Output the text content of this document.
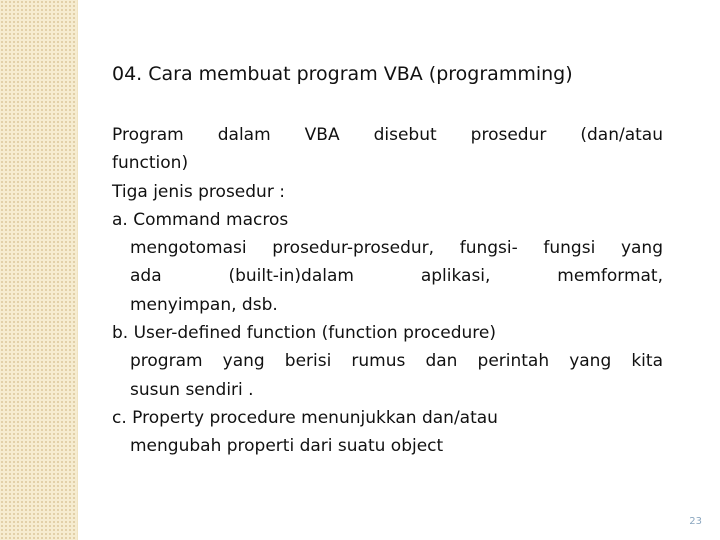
04. Cara membuat program VBA (programming)
Program dalam VBA disebut prosedur (dan/atau
function)
Tiga jenis prosedur :
a. Command macros
mengotomasi prosedur-prosedur, fungsi- fungsi yang
ada (built-in)dalam aplikasi, memformat,
menyimpan, dsb.
b. User-defined function (function procedure)
program yang berisi rumus dan perintah yang kita
susun sendiri .
c. Property procedure menunjukkan dan/atau
mengubah properti dari suatu object
23
